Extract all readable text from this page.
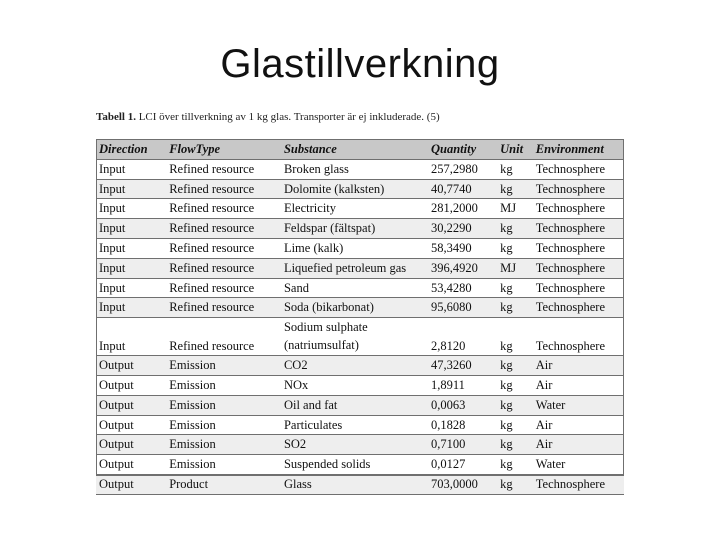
Glastillverkning
Tabell 1. LCI över tillverkning av 1 kg glas. Transporter är ej inkluderade. (5)
Direction	FlowType	Substance	Quantity	Unit	Environment
Input	Refined resource	Broken glass	257,2980	kg	Technosphere
Input	Refined resource	Dolomite (kalksten)	40,7740	kg	Technosphere
Input	Refined resource	Electricity	281,2000	MJ	Technosphere
Input	Refined resource	Feldspar (fältspat)	30,2290	kg	Technosphere
Input	Refined resource	Lime (kalk)	58,3490	kg	Technosphere
Input	Refined resource	Liquefied petroleum gas	396,4920	MJ	Technosphere
Input	Refined resource	Sand	53,4280	kg	Technosphere
Input	Refined resource	Soda (bikarbonat)	95,6080	kg	Technosphere
Input	Refined resource	Sodium sulphate (natriumsulfat)	2,8120	kg	Technosphere
Output	Emission	CO2	47,3260	kg	Air
Output	Emission	NOx	1,8911	kg	Air
Output	Emission	Oil and fat	0,0063	kg	Water
Output	Emission	Particulates	0,1828	kg	Air
Output	Emission	SO2	0,7100	kg	Air
Output	Emission	Suspended solids	0,0127	kg	Water
Output	Product	Glass	703,0000	kg	Technosphere
